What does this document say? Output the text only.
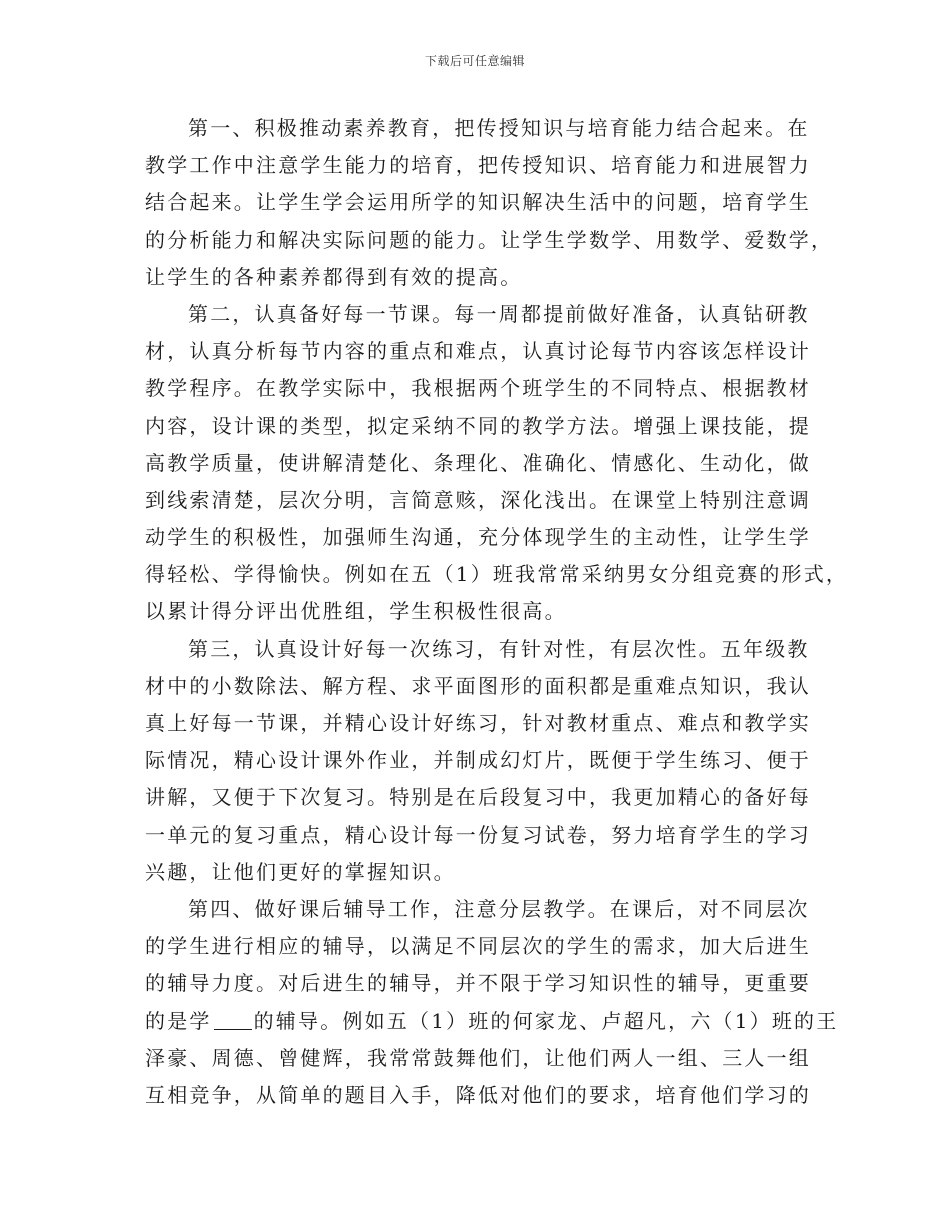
下载后可任意编辑
第一、积极推动素养教育，把传授知识与培育能力结合起来。在
教学工作中注意学生能力的培育，把传授知识、培育能力和进展智力
结合起来。让学生学会运用所学的知识解决生活中的问题，培育学生
的分析能力和解决实际问题的能力。让学生学数学、用数学、爱数学，
让学生的各种素养都得到有效的提高。
第二，认真备好每一节课。每一周都提前做好准备，认真钻研教
材，认真分析每节内容的重点和难点，认真讨论每节内容该怎样设计
教学程序。在教学实际中，我根据两个班学生的不同特点、根据教材
内容，设计课的类型，拟定采纳不同的教学方法。增强上课技能，提
高教学质量，使讲解清楚化、条理化、准确化、情感化、生动化，做
到线索清楚，层次分明，言简意赅，深化浅出。在课堂上特别注意调
动学生的积极性，加强师生沟通，充分体现学生的主动性，让学生学
得轻松、学得愉快。例如在五（1）班我常常采纳男女分组竞赛的形式，
以累计得分评出优胜组，学生积极性很高。
第三，认真设计好每一次练习，有针对性，有层次性。五年级教
材中的小数除法、解方程、求平面图形的面积都是重难点知识，我认
真上好每一节课，并精心设计好练习，针对教材重点、难点和教学实
际情况，精心设计课外作业，并制成幻灯片，既便于学生练习、便于
讲解，又便于下次复习。特别是在后段复习中，我更加精心的备好每
一单元的复习重点，精心设计每一份复习试卷，努力培育学生的学习
兴趣，让他们更好的掌握知识。
第四、做好课后辅导工作，注意分层教学。在课后，对不同层次
的学生进行相应的辅导，以满足不同层次的学生的需求，加大后进生
的辅导力度。对后进生的辅导，并不限于学习知识性的辅导，更重要
的是学 的辅导。例如五（1）班的何家龙、卢超凡，六（1）班的王
泽豪、周德、曾健辉，我常常鼓舞他们，让他们两人一组、三人一组
互相竞争，从简单的题目入手，降低对他们的要求，培育他们学习的
